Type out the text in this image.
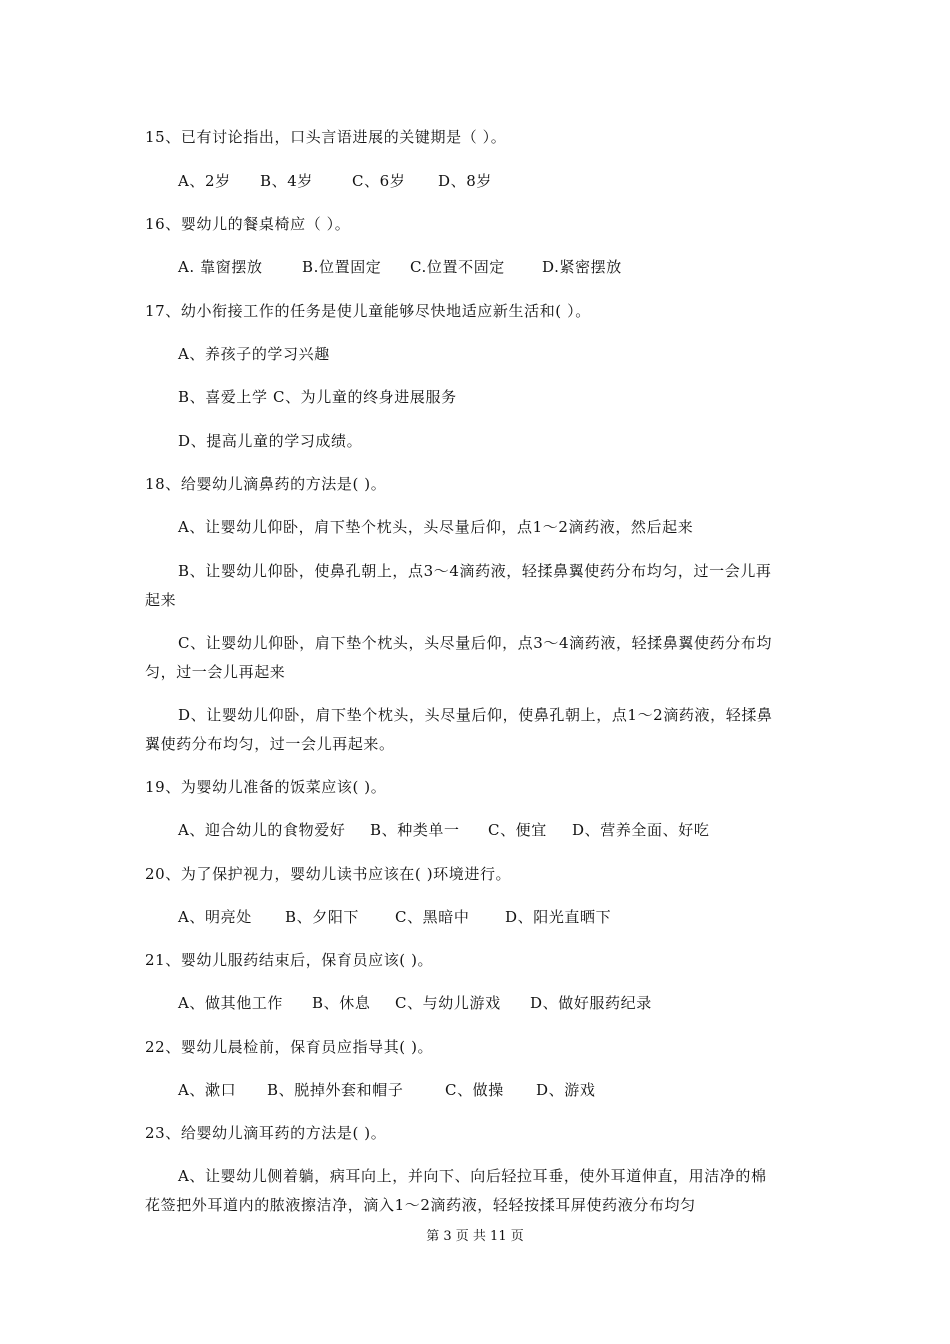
15、已有讨论指出，口头言语进展的关键期是（ ）。

A、2岁 B、4岁	C、6岁 D、8岁

16、婴幼儿的餐桌椅应（ ）。

A. 靠窗摆放	B.位置固定 C.位置不固定 D.紧密摆放

17、幼小衔接工作的任务是使儿童能够尽快地适应新生活和( ）。

A、养孩子的学习兴趣

B、喜爱上学 C、为儿童的终身进展服务

D、提高儿童的学习成绩。

18、给婴幼儿滴鼻药的方法是( )。

A、让婴幼儿仰卧，肩下垫个枕头，头尽量后仰，点1～2滴药液，然后起来

B、让婴幼儿仰卧，使鼻孔朝上，点3～4滴药液，轻揉鼻翼使药分布均匀，过一会儿再

起来

C、让婴幼儿仰卧，肩下垫个枕头，头尽量后仰，点3～4滴药液，轻揉鼻翼使药分布均

匀，过一会儿再起来

D、让婴幼儿仰卧，肩下垫个枕头，头尽量后仰，使鼻孔朝上，点1～2滴药液，轻揉鼻

翼使药分布均匀，过一会儿再起来。

19、为婴幼儿准备的饭菜应该( )。

A、迎合幼儿的食物爱好 B、种类单一 C、便宜 D、营养全面、好吃

20、为了保护视力，婴幼儿读书应该在( )环境进行。

A、明亮处 B、夕阳下 C、黑暗中 D、阳光直晒下

21、婴幼儿服药结束后，保育员应该( )。

A、做其他工作 B、休息 C、与幼儿游戏 D、做好服药纪录

22、婴幼儿晨检前，保育员应指导其( )。

A、漱口 B、脱掉外套和帽子	C、做操 D、游戏

23、给婴幼儿滴耳药的方法是( )。

A、让婴幼儿侧着躺，病耳向上，并向下、向后轻拉耳垂，使外耳道伸直，用洁净的棉

花签把外耳道内的脓液擦洁净，滴入1～2滴药液，轻轻按揉耳屏使药液分布均匀

第 3 页 共 11 页
